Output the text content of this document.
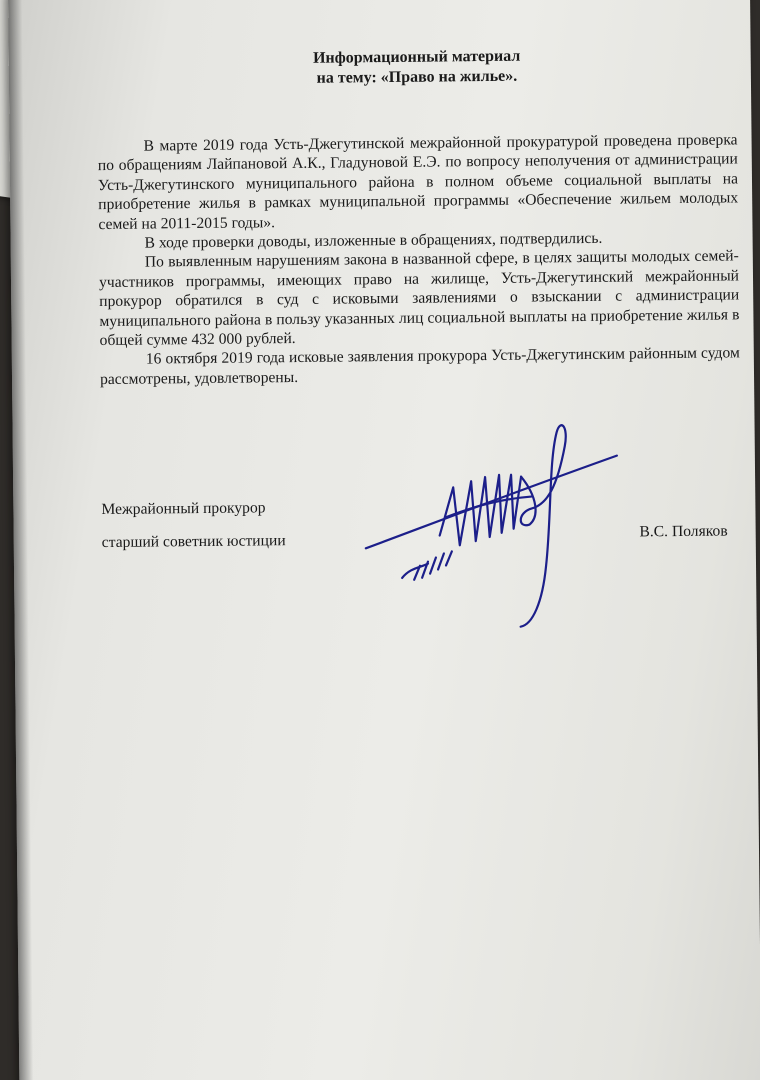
Информационный материал

на тему: «Право на жилье».

В марте 2019 года Усть-Джегутинской межрайонной прокуратурой проведена проверка по обращениям Лайпановой А.К., Гладуновой Е.Э. по вопросу неполучения от администрации Усть-Джегутинского муниципального района в полном объеме социальной выплаты на приобретение жилья в рамках муниципальной программы «Обеспечение жильем молодых семей на 2011-2015 годы».

В ходе проверки доводы, изложенные в обращениях, подтвердились.

По выявленным нарушениям закона в названной сфере, в целях защиты молодых семей-участников программы, имеющих право на жилище, Усть-Джегутинский межрайонный прокурор обратился в суд с исковыми заявлениями о взыскании с администрации муниципального района в пользу указанных лиц социальной выплаты на приобретение жилья в общей сумме 432 000 рублей.

16 октября 2019 года исковые заявления прокурора Усть-Джегутинским районным судом рассмотрены, удовлетворены.

Межрайонный прокурор
старший советник юстиции
В.С. Поляков
